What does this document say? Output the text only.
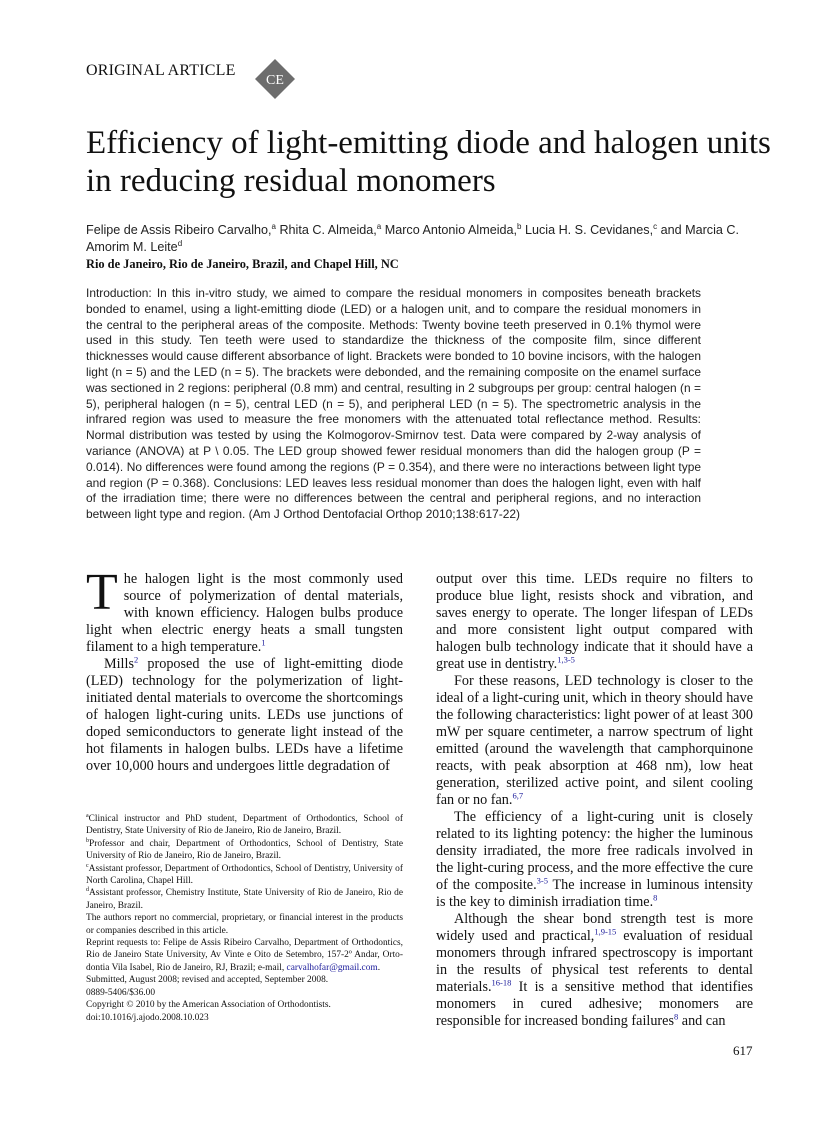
ORIGINAL ARTICLE
CE
Efficiency of light-emitting diode and halogen units in reducing residual monomers
Felipe de Assis Ribeiro Carvalho,$^a$ Rhita C. Almeida,$^a$ Marco Antonio Almeida,$^b$ Lucia H. S. Cevidanes,$^c$ and Marcia C. Amorim M. Leite$^d$
Rio de Janeiro, Rio de Janeiro, Brazil, and Chapel Hill, NC
Introduction: In this in-vitro study, we aimed to compare the residual monomers in composites beneath brackets bonded to enamel, using a light-emitting diode (LED) or a halogen unit, and to compare the residual monomers in the central to the peripheral areas of the composite. Methods: Twenty bovine teeth preserved in 0.1% thymol were used in this study. Ten teeth were used to standardize the thickness of the composite film, since different thicknesses would cause different absorbance of light. Brackets were bonded to 10 bovine incisors, with the halogen light (n = 5) and the LED (n = 5). The brackets were debonded, and the remaining composite on the enamel surface was sectioned in 2 regions: peripheral (0.8 mm) and central, resulting in 2 subgroups per group: central halogen (n = 5), peripheral halogen (n = 5), central LED (n = 5), and peripheral LED (n = 5). The spectrometric analysis in the infrared region was used to measure the free monomers with the attenuated total reflectance method. Results: Normal distribution was tested by using the Kolmogorov-Smirnov test. Data were compared by 2-way analysis of variance (ANOVA) at P \ 0.05. The LED group showed fewer residual monomers than did the halogen group (P = 0.014). No differences were found among the regions (P = 0.354), and there were no interactions between light type and region (P = 0.368). Conclusions: LED leaves less residual monomer than does the halogen light, even with half of the irradiation time; there were no differences between the central and peripheral regions, and no interaction between light type and region. (Am J Orthod Dentofacial Orthop 2010;138:617-22)

The halogen light is the most commonly used source of polymerization of dental materials, with known efficiency. Halogen bulbs produce light when electric energy heats a small tungsten filament to a high temperature.$^1$

Mills$^2$ proposed the use of light-emitting diode (LED) technology for the polymerization of light-initiated dental materials to overcome the shortcomings of halogen light-curing units. LEDs use junctions of doped semiconductors to generate light instead of the hot filaments in halogen bulbs. LEDs have a lifetime over 10,000 hours and undergoes little degradation of

output over this time. LEDs require no filters to produce blue light, resists shock and vibration, and saves energy to operate. The longer lifespan of LEDs and more consistent light output compared with halogen bulb technology indicate that it should have a great use in dentistry.$^{1,3-5}$

For these reasons, LED technology is closer to the ideal of a light-curing unit, which in theory should have the following characteristics: light power of at least 300 mW per square centimeter, a narrow spectrum of light emitted (around the wavelength that camphorquinone reacts, with peak absorption at 468 nm), low heat generation, sterilized active point, and silent cooling fan or no fan.$^{6,7}$

The efficiency of a light-curing unit is closely related to its lighting potency: the higher the luminous density irradiated, the more free radicals involved in the light-curing process, and the more effective the cure of the composite.$^{3-5}$ The increase in luminous intensity is the key to diminish irradiation time.$^8$

Although the shear bond strength test is more widely used and practical,$^{1,9-15}$ evaluation of residual monomers through infrared spectroscopy is important in the results of physical test referents to dental materials.$^{16-18}$ It is a sensitive method that identifies monomers in cured adhesive; monomers are responsible for increased bonding failures$^8$ and can

$^a$Clinical instructor and PhD student, Department of Orthodontics, School of Dentistry, State University of Rio de Janeiro, Rio de Janeiro, Brazil.

$^b$Professor and chair, Department of Orthodontics, School of Dentistry, State University of Rio de Janeiro, Rio de Janeiro, Brazil.

$^c$Assistant professor, Department of Orthodontics, School of Dentistry, University of North Carolina, Chapel Hill.

$^d$Assistant professor, Chemistry Institute, State University of Rio de Janeiro, Rio de Janeiro, Brazil.

The authors report no commercial, proprietary, or financial interest in the products or companies described in this article.

Reprint requests to: Felipe de Assis Ribeiro Carvalho, Department of Orthodontics, Rio de Janeiro State University, Av Vinte e Oito de Setembro, 157-2º Andar, Orto-dontia Vila Isabel, Rio de Janeiro, RJ, Brazil; e-mail, carvalhofar@gmail.com.

Submitted, August 2008; revised and accepted, September 2008.

0889-5406/$36.00

Copyright © 2010 by the American Association of Orthodontists.

doi:10.1016/j.ajodo.2008.10.023

617
